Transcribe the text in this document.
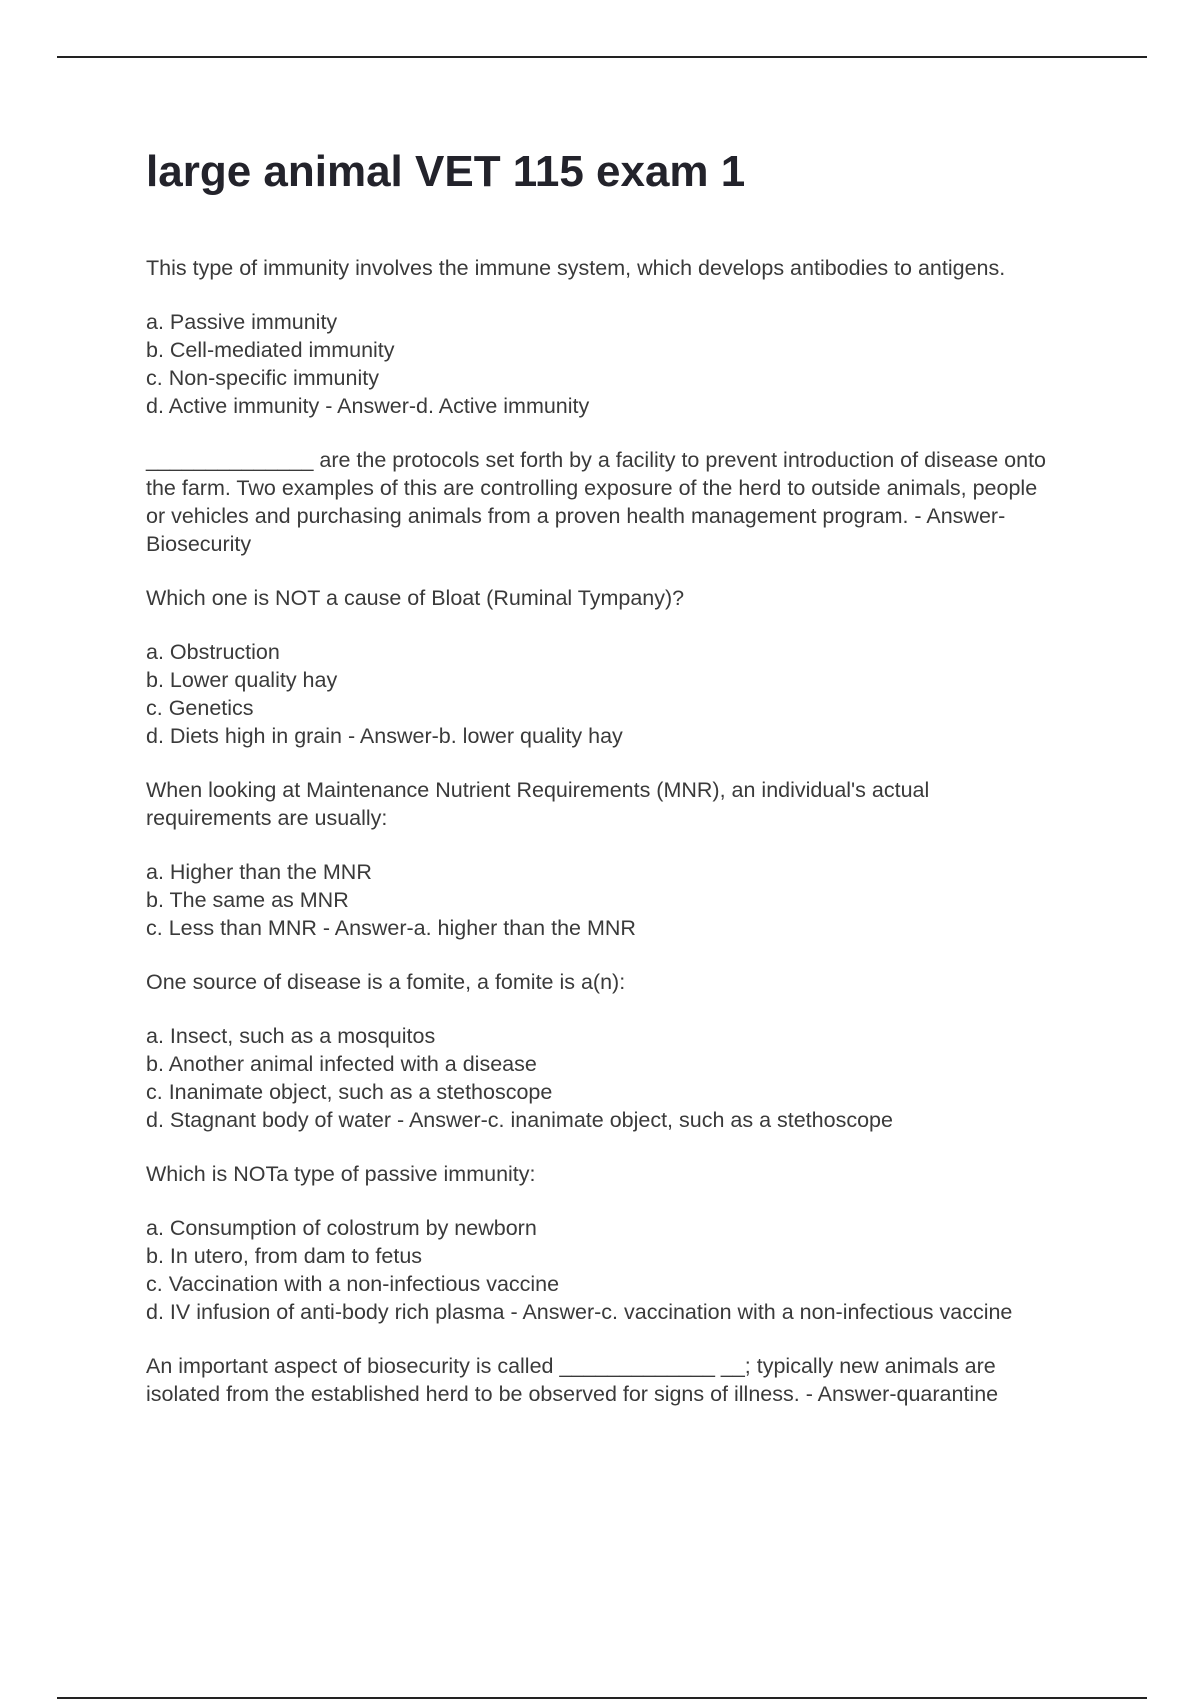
large animal VET 115 exam 1

This type of immunity involves the immune system, which develops antibodies to antigens.

a. Passive immunity
b. Cell-mediated immunity
c. Non-specific immunity
d. Active immunity - Answer-d. Active immunity

______________ are the protocols set forth by a facility to prevent introduction of disease onto the farm. Two examples of this are controlling exposure of the herd to outside animals, people or vehicles and purchasing animals from a proven health management program. - Answer-Biosecurity

Which one is NOT a cause of Bloat (Ruminal Tympany)?

a. Obstruction
b. Lower quality hay
c. Genetics
d. Diets high in grain - Answer-b. lower quality hay

When looking at Maintenance Nutrient Requirements (MNR), an individual's actual requirements are usually:

a. Higher than the MNR
b. The same as MNR
c. Less than MNR - Answer-a. higher than the MNR

One source of disease is a fomite, a fomite is a(n):

a. Insect, such as a mosquitos
b. Another animal infected with a disease
c. Inanimate object, such as a stethoscope
d. Stagnant body of water - Answer-c. inanimate object, such as a stethoscope

Which is NOTa type of passive immunity:

a. Consumption of colostrum by newborn
b. In utero, from dam to fetus
c. Vaccination with a non-infectious vaccine
d. IV infusion of anti-body rich plasma - Answer-c. vaccination with a non-infectious vaccine

An important aspect of biosecurity is called _____________ __; typically new animals are isolated from the established herd to be observed for signs of illness. - Answer-quarantine
